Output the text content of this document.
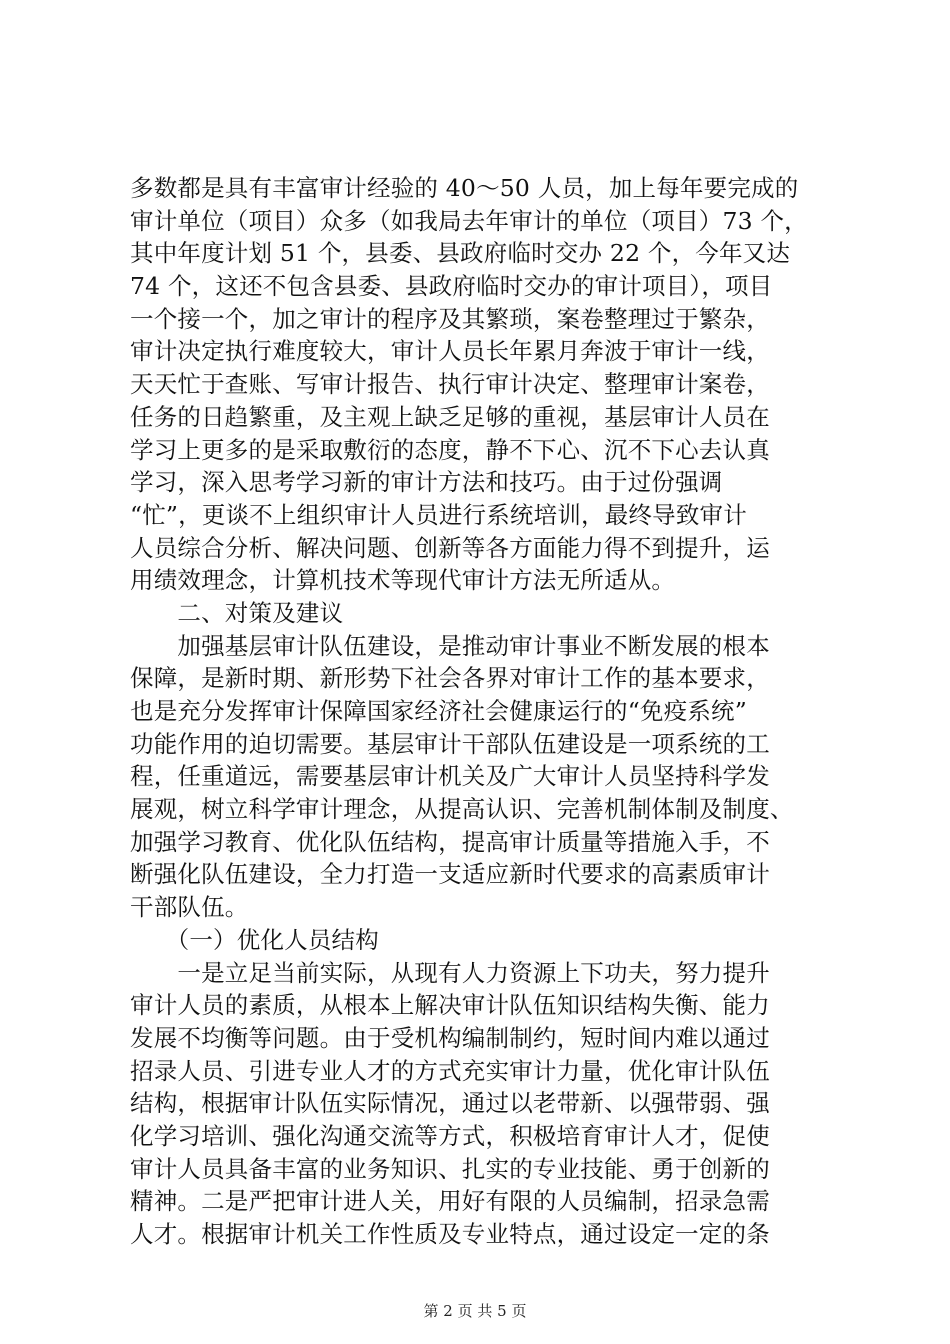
多数都是具有丰富审计经验的 40～50 人员，加上每年要完成的
审计单位（项目）众多（如我局去年审计的单位（项目）73 个，
其中年度计划 51 个，县委、县政府临时交办 22 个，今年又达
74 个，这还不包含县委、县政府临时交办的审计项目），项目
一个接一个，加之审计的程序及其繁琐，案卷整理过于繁杂，
审计决定执行难度较大，审计人员长年累月奔波于审计一线，
天天忙于查账、写审计报告、执行审计决定、整理审计案卷，
任务的日趋繁重，及主观上缺乏足够的重视，基层审计人员在
学习上更多的是采取敷衍的态度，静不下心、沉不下心去认真
学习，深入思考学习新的审计方法和技巧。由于过份强调
“忙”，更谈不上组织审计人员进行系统培训，最终导致审计
人员综合分析、解决问题、创新等各方面能力得不到提升，运
用绩效理念，计算机技术等现代审计方法无所适从。
　　二、对策及建议
　　加强基层审计队伍建设，是推动审计事业不断发展的根本
保障，是新时期、新形势下社会各界对审计工作的基本要求，
也是充分发挥审计保障国家经济社会健康运行的“免疫系统”
功能作用的迫切需要。基层审计干部队伍建设是一项系统的工
程，任重道远，需要基层审计机关及广大审计人员坚持科学发
展观，树立科学审计理念，从提高认识、完善机制体制及制度、
加强学习教育、优化队伍结构，提高审计质量等措施入手，不
断强化队伍建设，全力打造一支适应新时代要求的高素质审计
干部队伍。
　　（一）优化人员结构
　　一是立足当前实际，从现有人力资源上下功夫，努力提升
审计人员的素质，从根本上解决审计队伍知识结构失衡、能力
发展不均衡等问题。由于受机构编制制约，短时间内难以通过
招录人员、引进专业人才的方式充实审计力量，优化审计队伍
结构，根据审计队伍实际情况，通过以老带新、以强带弱、强
化学习培训、强化沟通交流等方式，积极培育审计人才，促使
审计人员具备丰富的业务知识、扎实的专业技能、勇于创新的
精神。二是严把审计进人关，用好有限的人员编制，招录急需
人才。根据审计机关工作性质及专业特点，通过设定一定的条
第 2 页 共 5 页
